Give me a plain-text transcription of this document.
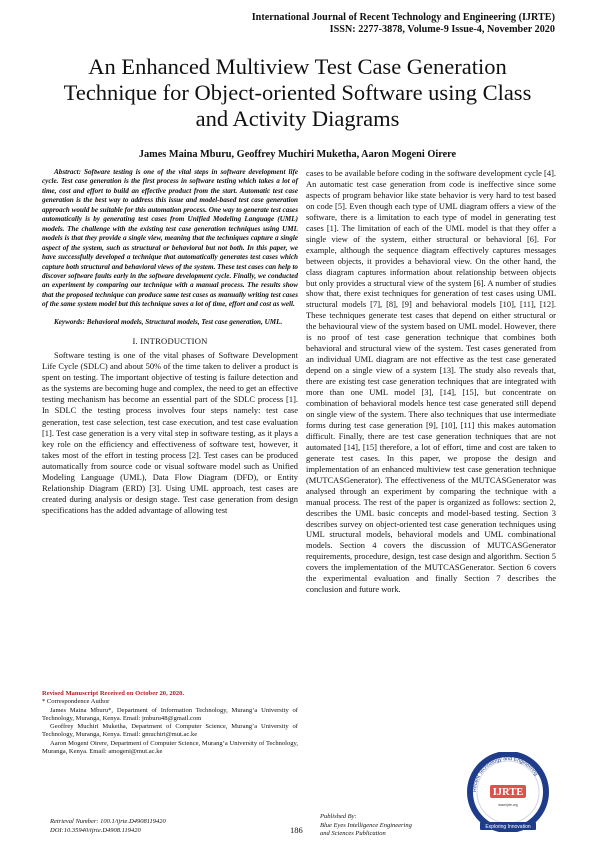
International Journal of Recent Technology and Engineering (IJRTE)
ISSN: 2277-3878, Volume-9 Issue-4, November 2020
An Enhanced Multiview Test Case Generation Technique for Object-oriented Software using Class and Activity Diagrams
James Maina Mburu, Geoffrey Muchiri Muketha, Aaron Mogeni Oirere

Abstract: Software testing is one of the vital steps in software development life cycle. Test case generation is the first process in software testing which takes a lot of time, cost and effort to build an effective product from the start. Automatic test case generation is the best way to address this issue and model-based test case generation approach would be suitable for this automation process. One way to generate test cases automatically is by generating test cases from Unified Modeling Language (UML) models. The challenge with the existing test case generation techniques using UML models is that they provide a single view, meaning that the techniques capture a single aspect of the system, such as structural or behavioral but not both. In this paper, we have successfully developed a technique that automatically generates test cases which capture both structural and behavioral views of the system. These test cases can help to discover software faults early in the software development cycle. Finally, we conducted an experiment by comparing our technique with a manual process. The results show that the proposed technique can produce same test cases as manually writing test cases of the same system model but this technique saves a lot of time, effort and cost as well.

Keywords: Behavioral models, Structural models, Test case generation, UML.

I. INTRODUCTION

Software testing is one of the vital phases of Software Development Life Cycle (SDLC) and about 50% of the time taken to deliver a product is spent on testing. The important objective of testing is failure detection and as the systems are becoming huge and complex, the need to get an effective testing mechanism has become an essential part of the SDLC process [1]. In SDLC the testing process involves four steps namely: test case generation, test case selection, test case execution, and test case evaluation [1]. Test case generation is a very vital step in software testing, as it plays a key role on the efficiency and effectiveness of software test, however, it takes most of the effort in testing process [2]. Test cases can be produced automatically from source code or visual software model such as Unified Modeling Language (UML), Data Flow Diagram (DFD), or Entity Relationship Diagram (ERD) [3]. Using UML approach, test cases are created during analysis or design stage. Test case generation from design specifications has the added advantage of allowing test

cases to be available before coding in the software development cycle [4]. An automatic test case generation from code is ineffective since some aspects of program behavior like state behavior is very hard to test based on code [5]. Even though each type of UML diagram offers a view of the software, there is a limitation to each type of model in generating test cases [1]. The limitation of each of the UML model is that they offer a single view of the system, either structural or behavioral [6]. For example, although the sequence diagram effectively captures messages between objects, it provides a behavioral view. On the other hand, the class diagram captures information about relationship between objects but only provides a structural view of the system [6]. A number of studies show that, there exist techniques for generation of test cases using UML structural models [7], [8], [9] and behavioral models [10], [11], [12]. These techniques generate test cases that depend on either structural or the behavioural view of the system based on UML model. However, there is no proof of test case generation technique that combines both behavioral and structural view of the system. Test cases generated from an individual UML diagram are not effective as the test case generated depend on a single view of a system [13]. The study also reveals that, there are existing test case generation techniques that are integrated with more than one UML model [3], [14], [15], but concentrate on combination of behavioral models hence test case generated still depend on single view of the system. There also techniques that use intermediate forms during test case generation [9], [10], [11] this makes automation difficult. Finally, there are test case generation techniques that are not automated [14], [15] therefore, a lot of effort, time and cost are taken to generate test cases. In this paper, we propose the design and implementation of an enhanced multiview test case generation technique (MUTCASGenerator). The effectiveness of the MUTCASGenerator was analysed through an experiment by comparing the technique with a manual process. The rest of the paper is organized as follows: section 2, describes the UML basic concepts and model-based testing. Section 3 describes survey on object-oriented test case generation techniques using UML structural models, behavioral models and UML combinational models. Section 4 covers the discussion of MUTCASGenerator requirements, procedure, design, test case design and algorithm. Section 5 covers the implementation of the MUTCASGenerator. Section 6 covers the experimental evaluation and finally Section 7 describes the conclusion and future work.

Revised Manuscript Received on October 20, 2020.

* Correspondence Author

James Maina Mburu*, Department of Information Technology, Murang’a University of Technology, Muranga, Kenya. Email: jmburu48@gmail.com

Geoffrey Muchiri Muketha, Department of Computer Science, Murang’a University of Technology, Muranga, Kenya. Email: gmuchiri@mut.ac.ke

Aaron Mogeni Oirere, Department of Computer Science, Murang’a University of Technology, Muranga, Kenya. Email: amogeni@mut.ac.ke

Retrieval Number: 100.1/ijrte.D4908119420
DOI:10.35940/ijrte.D4908.119420	186
Published By:
Blue Eyes Intelligence Engineering
and Sciences Publication
Recent Technology and Engineering
IJRTE
www.ijrte.org
Exploring Innovation
